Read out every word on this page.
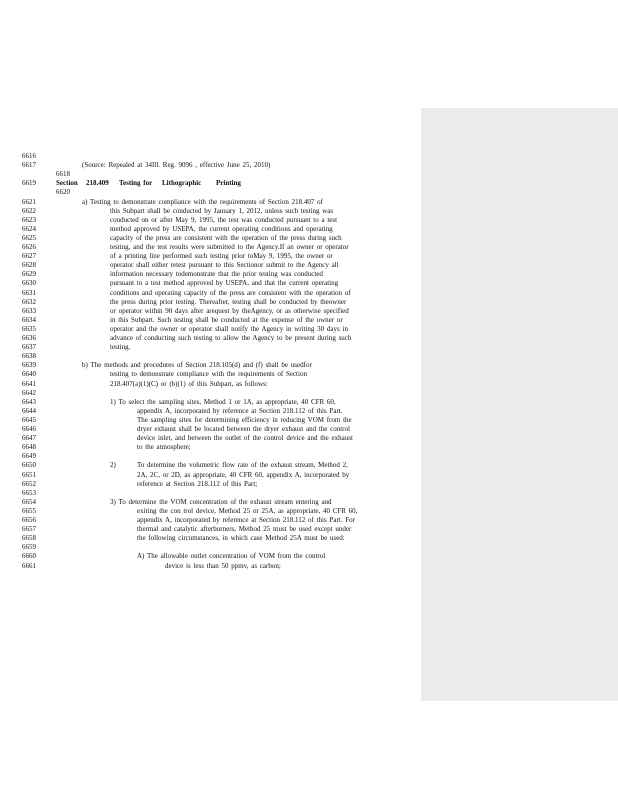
6616
6617	(Source: Repealed at 34Ill. Reg. 9096 , effective June 25, 2010)
6618
6619	Section 218.409 Testing for Lithographic Printing
6620
6621	a) Testing to demonstrate compliance with the requirements of Section 218.407 of
6622	this Subpart shall be conducted by January 1, 2012, unless such testing was
6623	conducted on or after May 9, 1995, the test was conducted pursuant to a test
6624	method approved by USEPA, the current operating conditions and operating
6625	capacity of the press are consistent with the operation of the press during such
6626	testing, and the test results were submitted to the Agency.If an owner or operator
6627	of a printing line performed such testing prior toMay 9, 1995, the owner or
6628	operator shall either retest pursuant to this Sectionor submit to the Agency all
6629	information necessary todemonstrate that the prior testing was conducted
6630	pursuant to a test method approved by USEPA, and that the current operating
6631	conditions and operating capacity of the press are consistent with the operation of
6632	the press during prior testing. Thereafter, testing shall be conducted by theowner
6633	or operator within 90 days after arequest by theAgency, or as otherwise specified
6634	in this Subpart. Such testing shall be conducted at the expense of the owner or
6635	operator and the owner or operator shall notify the Agency in writing 30 days in
6636	advance of conducting such testing to allow the Agency to be present during such
6637	testing.
6638
6639	b) The methods and procedures of Section 218.105(d) and (f) shall be usedfor
6640	testing to demonstrate compliance with the requirements of Section
6641	218.407(a)(1)(C) or (b)(1) of this Subpart, as follows:
6642
6643	1) To select the sampling sites, Method 1 or 1A, as appropriate, 40 CFR 60,
6644	appendix A, incorporated by reference at Section 218.112 of this Part.
6645	The sampling sites for determining efficiency in reducing VOM from the
6646	dryer exhaust shall be located between the dryer exhaust and the control
6647	device inlet, and between the outlet of the control device and the exhaust
6648	to the atmosphere;
6649
6650	2)	To determine the volumetric flow rate of the exhaust stream, Method 2,
6651	2A, 2C, or 2D, as appropriate, 40 CFR 60, appendix A, incorporated by
6652	reference at Section 218.112 of this Part;
6653
6654	3) To determine the VOM concentration of the exhaust stream entering and
6655	exiting the con trol device, Method 25 or 25A, as appropriate, 40 CFR 60,
6656	appendix A, incorporated by reference at Section 218.112 of this Part. For
6657	thermal and catalytic afterburners, Method 25 must be used except under
6658	the following circumstances, in which case Method 25A must be used:
6659
6660	A) The allowable outlet concentration of VOM from the control
6661	device is less than 50 ppmv, as carbon;
